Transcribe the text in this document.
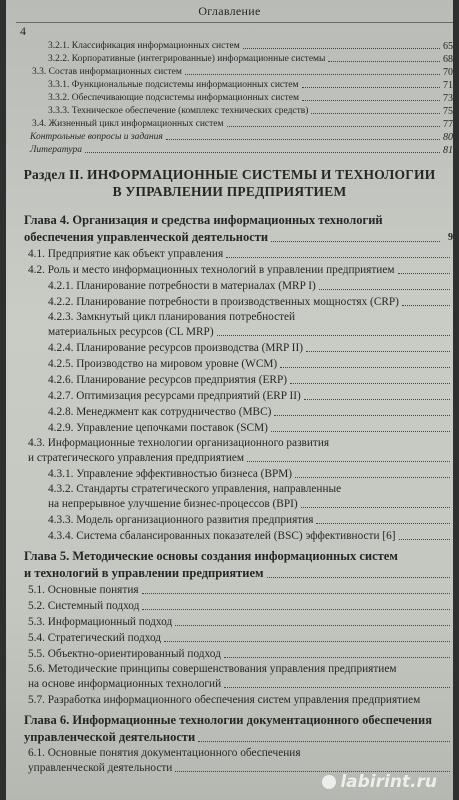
Оглавление
4
3.2.1. Классификация информационных систем	65
3.2.2. Корпоративные (интегрированные) информационные системы	68
3.3. Состав информационных систем	70
3.3.1. Функциональные подсистемы информационных систем	71
3.3.2. Обеспечивающие подсистемы информационных систем	73
3.3.3. Техническое обеспечение (комплекс технических средств)	75
3.4. Жизненный цикл информационных систем	77
Контрольные вопросы и задания	80
Литература	81
Раздел II. ИНФОРМАЦИОННЫЕ СИСТЕМЫ И ТЕХНОЛОГИИ
В УПРАВЛЕНИИ ПРЕДПРИЯТИЕМ
Глава 4. Организация и средства информационных технологий
обеспечения управленческой деятельности	9
4.1. Предприятие как объект управления
4.2. Роль и место информационных технологий в управлении предприятием
4.2.1. Планирование потребности в материалах (MRP I)
4.2.2. Планирование потребности в производственных мощностях (CRP)
4.2.3. Замкнутый цикл планирования потребностей
материальных ресурсов (CL MRP)
4.2.4. Планирование ресурсов производства (MRP II)
4.2.5. Производство на мировом уровне (WCM)
4.2.6. Планирование ресурсов предприятия (ERP)
4.2.7. Оптимизация ресурсами предприятий (ERP II)
4.2.8. Менеджмент как сотрудничество (MBC)
4.2.9. Управление цепочками поставок (SCM)
4.3. Информационные технологии организационного развития
и стратегического управления предприятием
4.3.1. Управление эффективностью бизнеса (BPM)
4.3.2. Стандарты стратегического управления, направленные
на непрерывное улучшение бизнес-процессов (BPI)
4.3.3. Модель организационного развития предприятия
4.3.4. Система сбалансированных показателей (BSC) эффективности [6]
Глава 5. Методические основы создания информационных систем
и технологий в управлении предприятием
5.1. Основные понятия
5.2. Системный подход
5.3. Информационный подход
5.4. Стратегический подход
5.5. Объектно-ориентированный подход
5.6. Методические принципы совершенствования управления предприятием
на основе информационных технологий
5.7. Разработка информационного обеспечения систем управления предприятием
Глава 6. Информационные технологии документационного обеспечения
управленческой деятельности
6.1. Основные понятия документационного обеспечения
управленческой деятельности
labirint.ru
